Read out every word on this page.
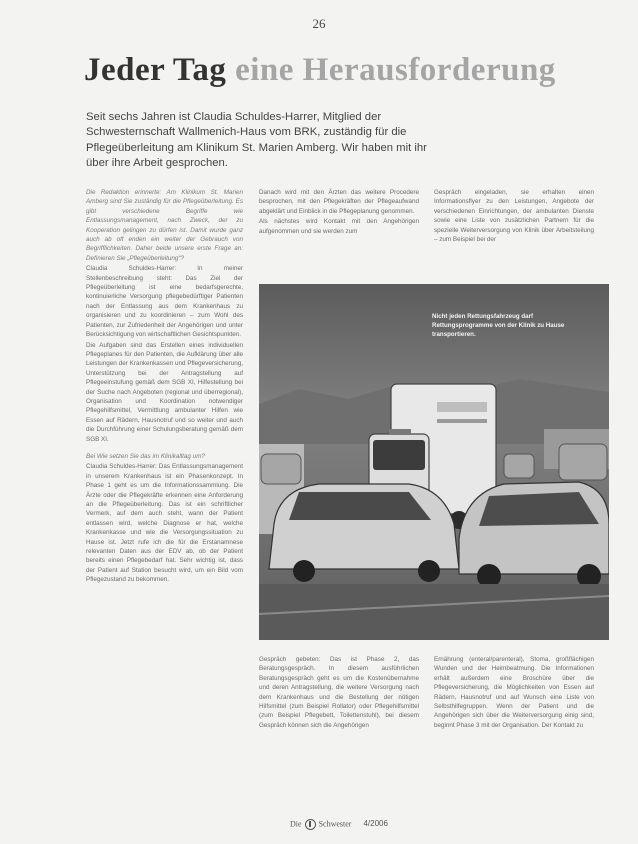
26
Jeder Tag eine Herausforderung
Seit sechs Jahren ist Claudia Schuldes-Harrer, Mitglied der Schwesternschaft Wallmenich-Haus vom BRK, zuständig für die Pflegeüberleitung am Klinikum St. Marien Amberg. Wir haben mit ihr über ihre Arbeit gesprochen.

Die Redaktion erinnerte: Am Klinikum St. Marien Amberg sind Sie zuständig für die Pflegeüberleitung. Es gibt verschiedene Begriffe wie Entlassungsmanagement, nach Zweck, der zu Kooperation gelingen zu dürfen ist. Damit wurde ganz auch ab oft enden ein weiter der Gebrauch von Begrifflichkeiten. Daher beide unsere erste Frage an: Definieren Sie „Pflegeüberleitung“?

Claudia Schuldes-Harrer: In meiner Stellenbeschreibung steht: Das Ziel der Pflegeüberleitung ist eine bedarfsgerechte, kontinuierliche Versorgung pflegebedürftiger Patienten nach der Entlassung aus dem Krankenhaus zu organisieren und zu koordinieren – zum Wohl des Patienten, zur Zufriedenheit der Angehörigen und unter Berücksichtigung von wirtschaftlichen Gesichtspunkten.

Die Aufgaben sind das Erstellen eines individuellen Pflegeplanes für den Patienten, die Aufklärung über alle Leistungen der Krankenkassen und Pflegeversicherung, Unterstützung bei der Antragstellung auf Pflegeeinstufung gemäß dem SGB XI, Hilfestellung bei der Suche nach Angeboten (regional und überregional), Organisation und Koordination notwendiger Pflegehilfsmittel, Vermittlung ambulanter Hilfen wie Essen auf Rädern, Hausnotruf und so weiter und auch die Durchführung einer Schulungsberatung gemäß dem SGB XI.

Bei Wie setzen Sie das im Klinikalltag um?

Claudia Schuldes-Harrer: Das Entlassungsmanagement in unserem Krankenhaus ist ein Phasenkonzept. In Phase 1 geht es um die Informationssammlung. Die Ärzte oder die Pflegekräfte erkennen eine Anforderung an die Pflegeüberleitung. Das ist ein schriftlicher Vermerk, auf dem auch steht, wann der Patient entlassen wird, welche Diagnose er hat, welche Krankenkasse und wie die Versorgungssituation zu Hause ist. Jetzt rufe ich die für die Erstanamnese relevanten Daten aus der EDV ab, ob der Patient bereits einen Pflegebedarf hat. Sehr wichtig ist, dass der Patient auf Station besucht wird, um ein Bild vom Pflegezustand zu bekommen.

Danach wird mit den Ärzten das weitere Procedere besprochen, mit den Pflegekräften der Pflegeaufwand abgeklärt und Einblick in die Pflegeplanung genommen.

Als nächstes wird Kontakt mit den Angehörigen aufgenommen und sie werden zum

Gespräch eingeladen, sie erhalten einen Informationsflyer zu den Leistungen, Angebote der verschiedenen Einrichtungen, der ambulanten Dienste sowie eine Liste von zusätzlichen Partnern für die spezielle Weiterversorgung von Klinik über Arbeitsteilung – zum Beispiel bei der

Nicht jeden Rettungsfahrzeug darf Rettungsprogramme von der Klinik zu Hause transportieren.

Gespräch gebeten: Das ist Phase 2, das Beratungsgespräch. In diesem ausführlichen Beratungsgespräch geht es um die Kostenübernahme und deren Antragstellung, die weitere Versorgung nach dem Krankenhaus und die Bestellung der nötigen Hilfsmittel (zum Beispiel Rollator) oder Pflegehilfsmittel (zum Beispiel Pflegebett, Toilettenstuhl), bei diesem Gespräch können sich die Angehörigen

Ernährung (enteral/parenteral), Stoma, großflächigen Wunden und der Heimbeatmung. Die Informationen erhält außerdem eine Broschüre über die Pflegeversicherung, die Möglichkeiten von Essen auf Rädern, Hausnotruf und auf Wunsch eine Liste von Selbsthilfegruppen. Wenn der Patient und die Angehörigen sich über die Weiterversorgung einig sind, beginnt Phase 3 mit der Organisation. Der Kontakt zu

Die Schwester 4/2006
